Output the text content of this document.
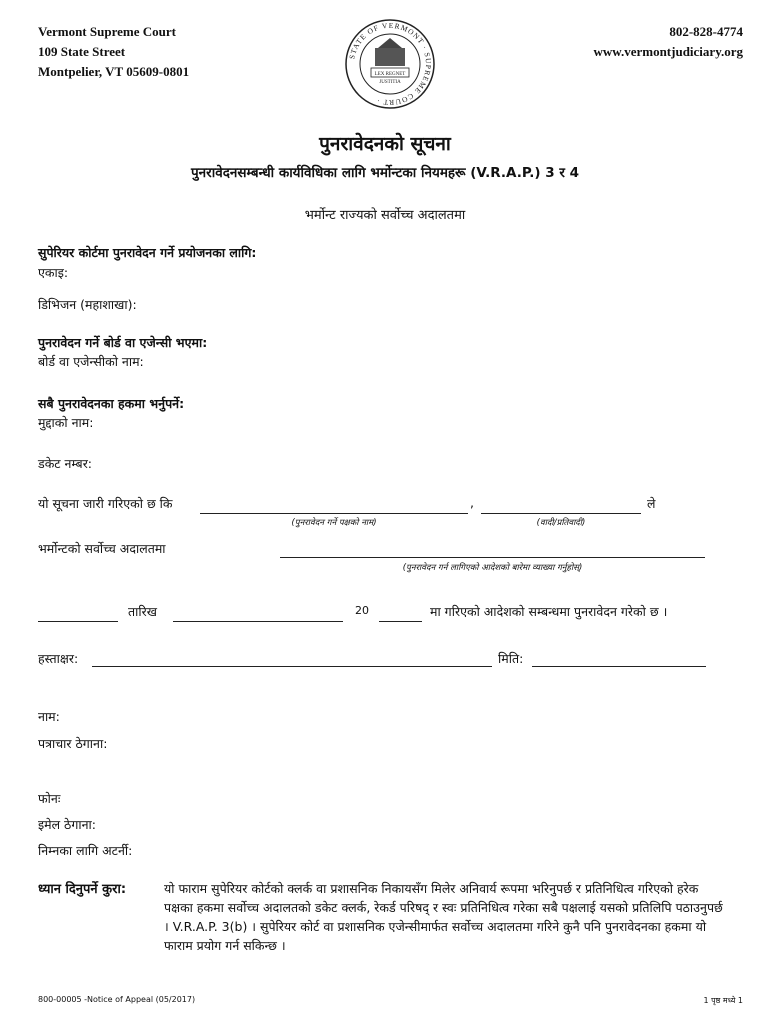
Vermont Supreme Court
109 State Street
Montpelier, VT 05609-0801
STATE OF VERMONT · SUPREME COURT ·
LEX REGNET
JUSTITIA
802-828-4774
www.vermontjudiciary.org
पुनरावेदनको सूचना
पुनरावेदनसम्बन्धी कार्यविधिका लागि भर्मोन्टका नियमहरू (V.R.A.P.) 3 र 4
भर्मोन्ट राज्यको सर्वोच्च अदालतमा
सुपेरियर कोर्टमा पुनरावेदन गर्ने प्रयोजनका लागि:
एकाइ:
डिभिजन (महाशाखा):
पुनरावेदन गर्ने बोर्ड वा एजेन्सी भएमा:
बोर्ड वा एजेन्सीको नाम:
सबै पुनरावेदनका हकमा भर्नुपर्ने:
मुद्दाको नाम:
डकेट नम्बर:
यो सूचना जारी गरिएको छ कि	,	ले
(पुनरावेदन गर्ने पक्षको नाम)	(वादी/प्रतिवादी)
भर्मोन्टको सर्वोच्च अदालतमा
(पुनरावेदन गर्न लागिएको आदेशको बारेमा व्याख्या गर्नुहोस्)
तारिख	20	मा गरिएको आदेशको सम्बन्धमा पुनरावेदन गरेको छ ।
हस्ताक्षर:	मिति:
नाम:
पत्राचार ठेगाना:
फोनः
इमेल ठेगाना:
निम्नका लागि अटर्नी:
ध्यान दिनुपर्ने कुरा:	यो फाराम सुपेरियर कोर्टको क्लर्क वा प्रशासनिक निकायसँग मिलेर अनिवार्य रूपमा भरिनुपर्छ र प्रतिनिधित्व गरिएको हरेक पक्षका हकमा सर्वोच्च अदालतको डकेट क्लर्क, रेकर्ड परिषद् र स्वः प्रतिनिधित्व गरेका सबै पक्षलाई यसको प्रतिलिपि पठाउनुपर्छ । V.R.A.P. 3(b) । सुपेरियर कोर्ट वा प्रशासनिक एजेन्सीमार्फत सर्वोच्च अदालतमा गरिने कुनै पनि पुनरावेदनका हकमा यो फाराम प्रयोग गर्न सकिन्छ ।
800-00005 -Notice of Appeal (05/2017)	1 पृष्ठ मध्ये 1
